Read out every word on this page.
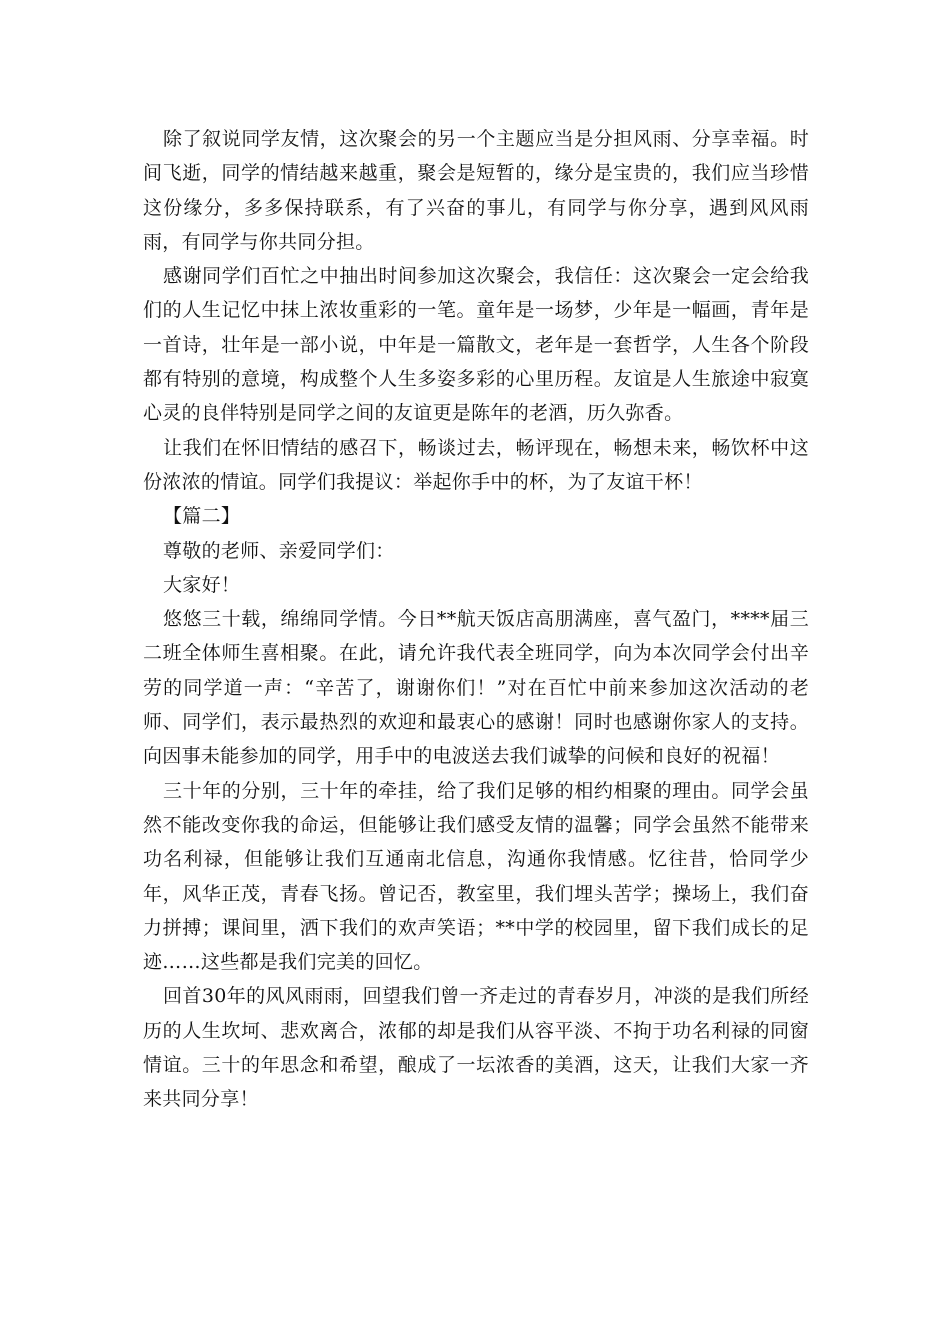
除了叙说同学友情，这次聚会的另一个主题应当是分担风雨、分享幸福。时间飞逝，同学的情结越来越重，聚会是短暂的，缘分是宝贵的，我们应当珍惜这份缘分，多多保持联系，有了兴奋的事儿，有同学与你分享，遇到风风雨雨，有同学与你共同分担。

感谢同学们百忙之中抽出时间参加这次聚会，我信任：这次聚会一定会给我们的人生记忆中抹上浓妆重彩的一笔。童年是一场梦，少年是一幅画，青年是一首诗，壮年是一部小说，中年是一篇散文，老年是一套哲学，人生各个阶段都有特别的意境，构成整个人生多姿多彩的心里历程。友谊是人生旅途中寂寞心灵的良伴特别是同学之间的友谊更是陈年的老酒，历久弥香。

让我们在怀旧情结的感召下，畅谈过去，畅评现在，畅想未来，畅饮杯中这份浓浓的情谊。同学们我提议：举起你手中的杯，为了友谊干杯！

【篇二】

尊敬的老师、亲爱同学们：

大家好！

悠悠三十载，绵绵同学情。今日**航天饭店高朋满座，喜气盈门，****届三二班全体师生喜相聚。在此，请允许我代表全班同学，向为本次同学会付出辛劳的同学道一声：“辛苦了，谢谢你们！”对在百忙中前来参加这次活动的老师、同学们，表示最热烈的欢迎和最衷心的感谢！同时也感谢你家人的支持。向因事未能参加的同学，用手中的电波送去我们诚挚的问候和良好的祝福！

三十年的分别，三十年的牵挂，给了我们足够的相约相聚的理由。同学会虽然不能改变你我的命运，但能够让我们感受友情的温馨；同学会虽然不能带来功名利禄，但能够让我们互通南北信息，沟通你我情感。忆往昔，恰同学少年，风华正茂，青春飞扬。曾记否，教室里，我们埋头苦学；操场上，我们奋力拼搏；课间里，洒下我们的欢声笑语；**中学的校园里，留下我们成长的足迹……这些都是我们完美的回忆。

回首30年的风风雨雨，回望我们曾一齐走过的青春岁月，冲淡的是我们所经历的人生坎坷、悲欢离合，浓郁的却是我们从容平淡、不拘于功名利禄的同窗情谊。三十的年思念和希望，酿成了一坛浓香的美酒，这天，让我们大家一齐来共同分享！
